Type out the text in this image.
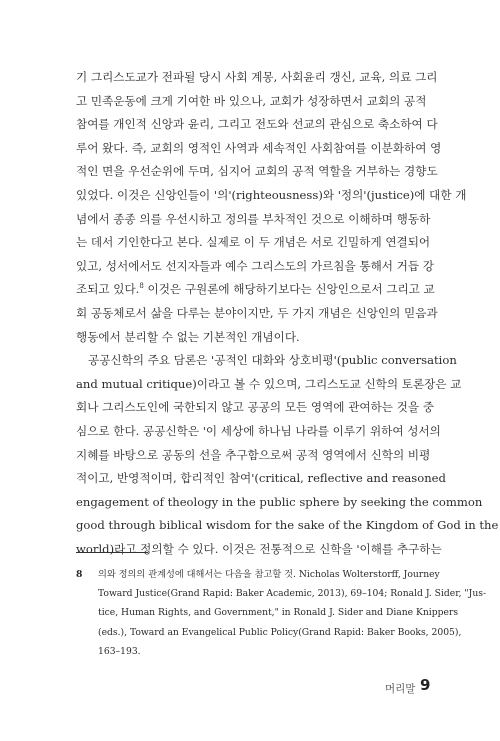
기 그리스도교가 전파될 당시 사회 계몽, 사회윤리 갱신, 교육, 의료 그리
고 민족운동에 크게 기여한 바 있으나, 교회가 성장하면서 교회의 공적
참여를 개인적 신앙과 윤리, 그리고 전도와 선교의 관심으로 축소하여 다
루어 왔다. 즉, 교회의 영적인 사역과 세속적인 사회참여를 이분화하여 영
적인 면을 우선순위에 두며, 심지어 교회의 공적 역할을 거부하는 경향도
있었다. 이것은 신앙인들이 '의'(righteousness)와 '정의'(justice)에 대한 개
념에서 종종 의를 우선시하고 정의를 부차적인 것으로 이해하며 행동하
는 데서 기인한다고 본다. 실제로 이 두 개념은 서로 긴밀하게 연결되어
있고, 성서에서도 선지자들과 예수 그리스도의 가르침을 통해서 거듭 강
조되고 있다.$^8$ 이것은 구원론에 해당하기보다는 신앙인으로서 그리고 교
회 공동체로서 삶을 다루는 분야이지만, 두 가지 개념은 신앙인의 믿음과
행동에서 분리할 수 없는 기본적인 개념이다.
공공신학의 주요 담론은 '공적인 대화와 상호비평'(public conversation
and mutual critique)이라고 볼 수 있으며, 그리스도교 신학의 토론장은 교
회나 그리스도인에 국한되지 않고 공공의 모든 영역에 관여하는 것을 중
심으로 한다. 공공신학은 '이 세상에 하나님 나라를 이루기 위하여 성서의
지혜를 바탕으로 공동의 선을 추구함으로써 공적 영역에서 신학의 비평
적이고, 반영적이며, 합리적인 참여'(critical, reflective and reasoned
engagement of theology in the public sphere by seeking the common
good through biblical wisdom for the sake of the Kingdom of God in the
world)라고 정의할 수 있다. 이것은 전통적으로 신학을 '이해를 추구하는
8 의와 정의의 관계성에 대해서는 다음을 참고할 것. Nicholas Wolterstorff, Journey
Toward Justice(Grand Rapid: Baker Academic, 2013), 69–104; Ronald J. Sider, "Jus-
tice, Human Rights, and Government," in Ronald J. Sider and Diane Knippers
(eds.), Toward an Evangelical Public Policy(Grand Rapid: Baker Books, 2005),
163–193.
머리말 9
